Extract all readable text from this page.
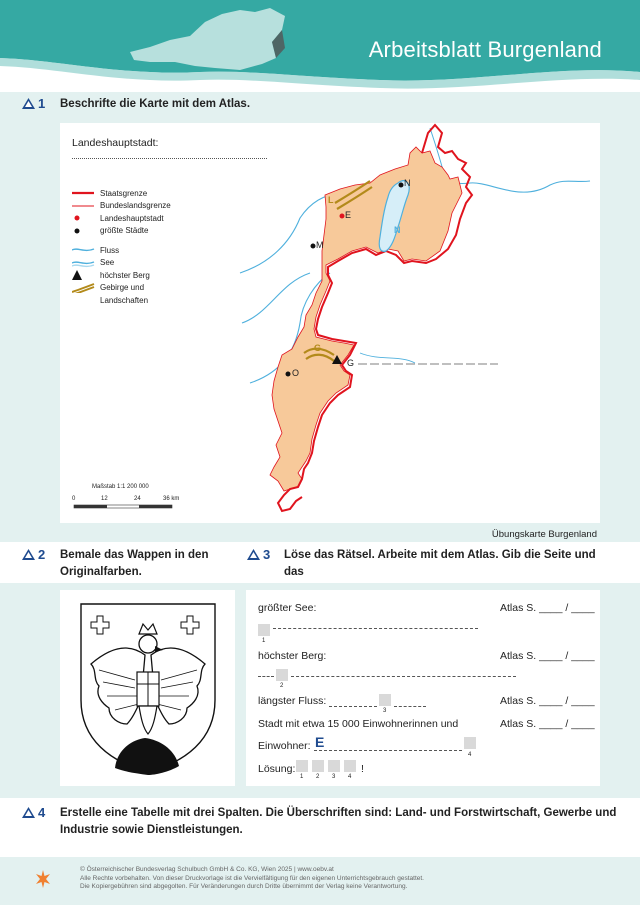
Arbeitsblatt Burgenland
1 Beschrifte die Karte mit dem Atlas.
Landeshauptstadt:
Staatsgrenze
Bundeslandsgrenze
Landeshauptstadt
größte Städte
Fluss
See
höchster Berg
Gebirge und
Landschaften
Maßstab 1:1 200 000
0	12	24	36 km
N
E
M
O
G
L
G
N
Übungskarte Burgenland
2 Bemale das Wappen in den
Originalfarben.
3 Löse das Rätsel. Arbeite mit dem Atlas. Gib die Seite und das
größter See:	Atlas S. ____ / ____
1
höchster Berg:	Atlas S. ____ / ____
2
längster Fluss:
3
Atlas S. ____ / ____
Stadt mit etwa 15 000 Einwohnerinnen und	Atlas S. ____ / ____
Einwohner: E
4
Lösung:	!
1 2 3 4
4 Erstelle eine Tabelle mit drei Spalten. Die Überschriften sind: Land- und Forstwirtschaft, Gewerbe und
Industrie sowie Dienstleistungen.
© Österreichischer Bundesverlag Schulbuch GmbH & Co. KG, Wien 2025 | www.oebv.at
Alle Rechte vorbehalten. Von dieser Druckvorlage ist die Vervielfältigung für den eigenen Unterrichtsgebrauch gestattet.
Die Kopiergebühren sind abgegolten. Für Veränderungen durch Dritte übernimmt der Verlag keine Verantwortung.
